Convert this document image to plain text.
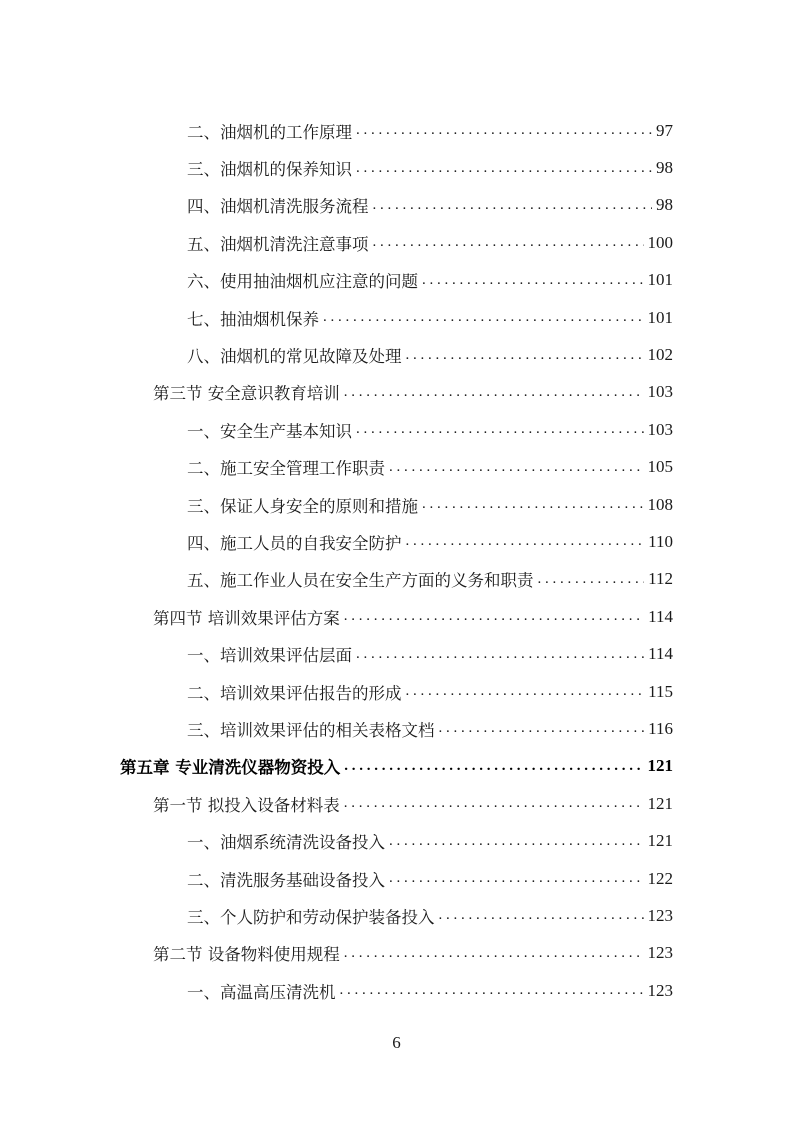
二、油烟机的工作原理 . . .	97
三、油烟机的保养知识 . . .	98
四、油烟机清洗服务流程 . . .	98
五、油烟机清洗注意事项 . . .	100
六、使用抽油烟机应注意的问题 . . .	101
七、抽油烟机保养 . . .	101
八、油烟机的常见故障及处理 . . .	102
第三节 安全意识教育培训 . . .	103
一、安全生产基本知识 . . .	103
二、施工安全管理工作职责 . . .	105
三、保证人身安全的原则和措施 . . .	108
四、施工人员的自我安全防护 . . .	110
五、施工作业人员在安全生产方面的义务和职责 . . .	112
第四节 培训效果评估方案 . . .	114
一、培训效果评估层面 . . .	114
二、培训效果评估报告的形成 . . .	115
三、培训效果评估的相关表格文档 . . .	116
第五章 专业清洗仪器物资投入 . . .	121
第一节 拟投入设备材料表 . . .	121
一、油烟系统清洗设备投入 . . .	121
二、清洗服务基础设备投入 . . .	122
三、个人防护和劳动保护装备投入 . . .	123
第二节 设备物料使用规程 . . .	123
一、高温高压清洗机 . . .	123
6
